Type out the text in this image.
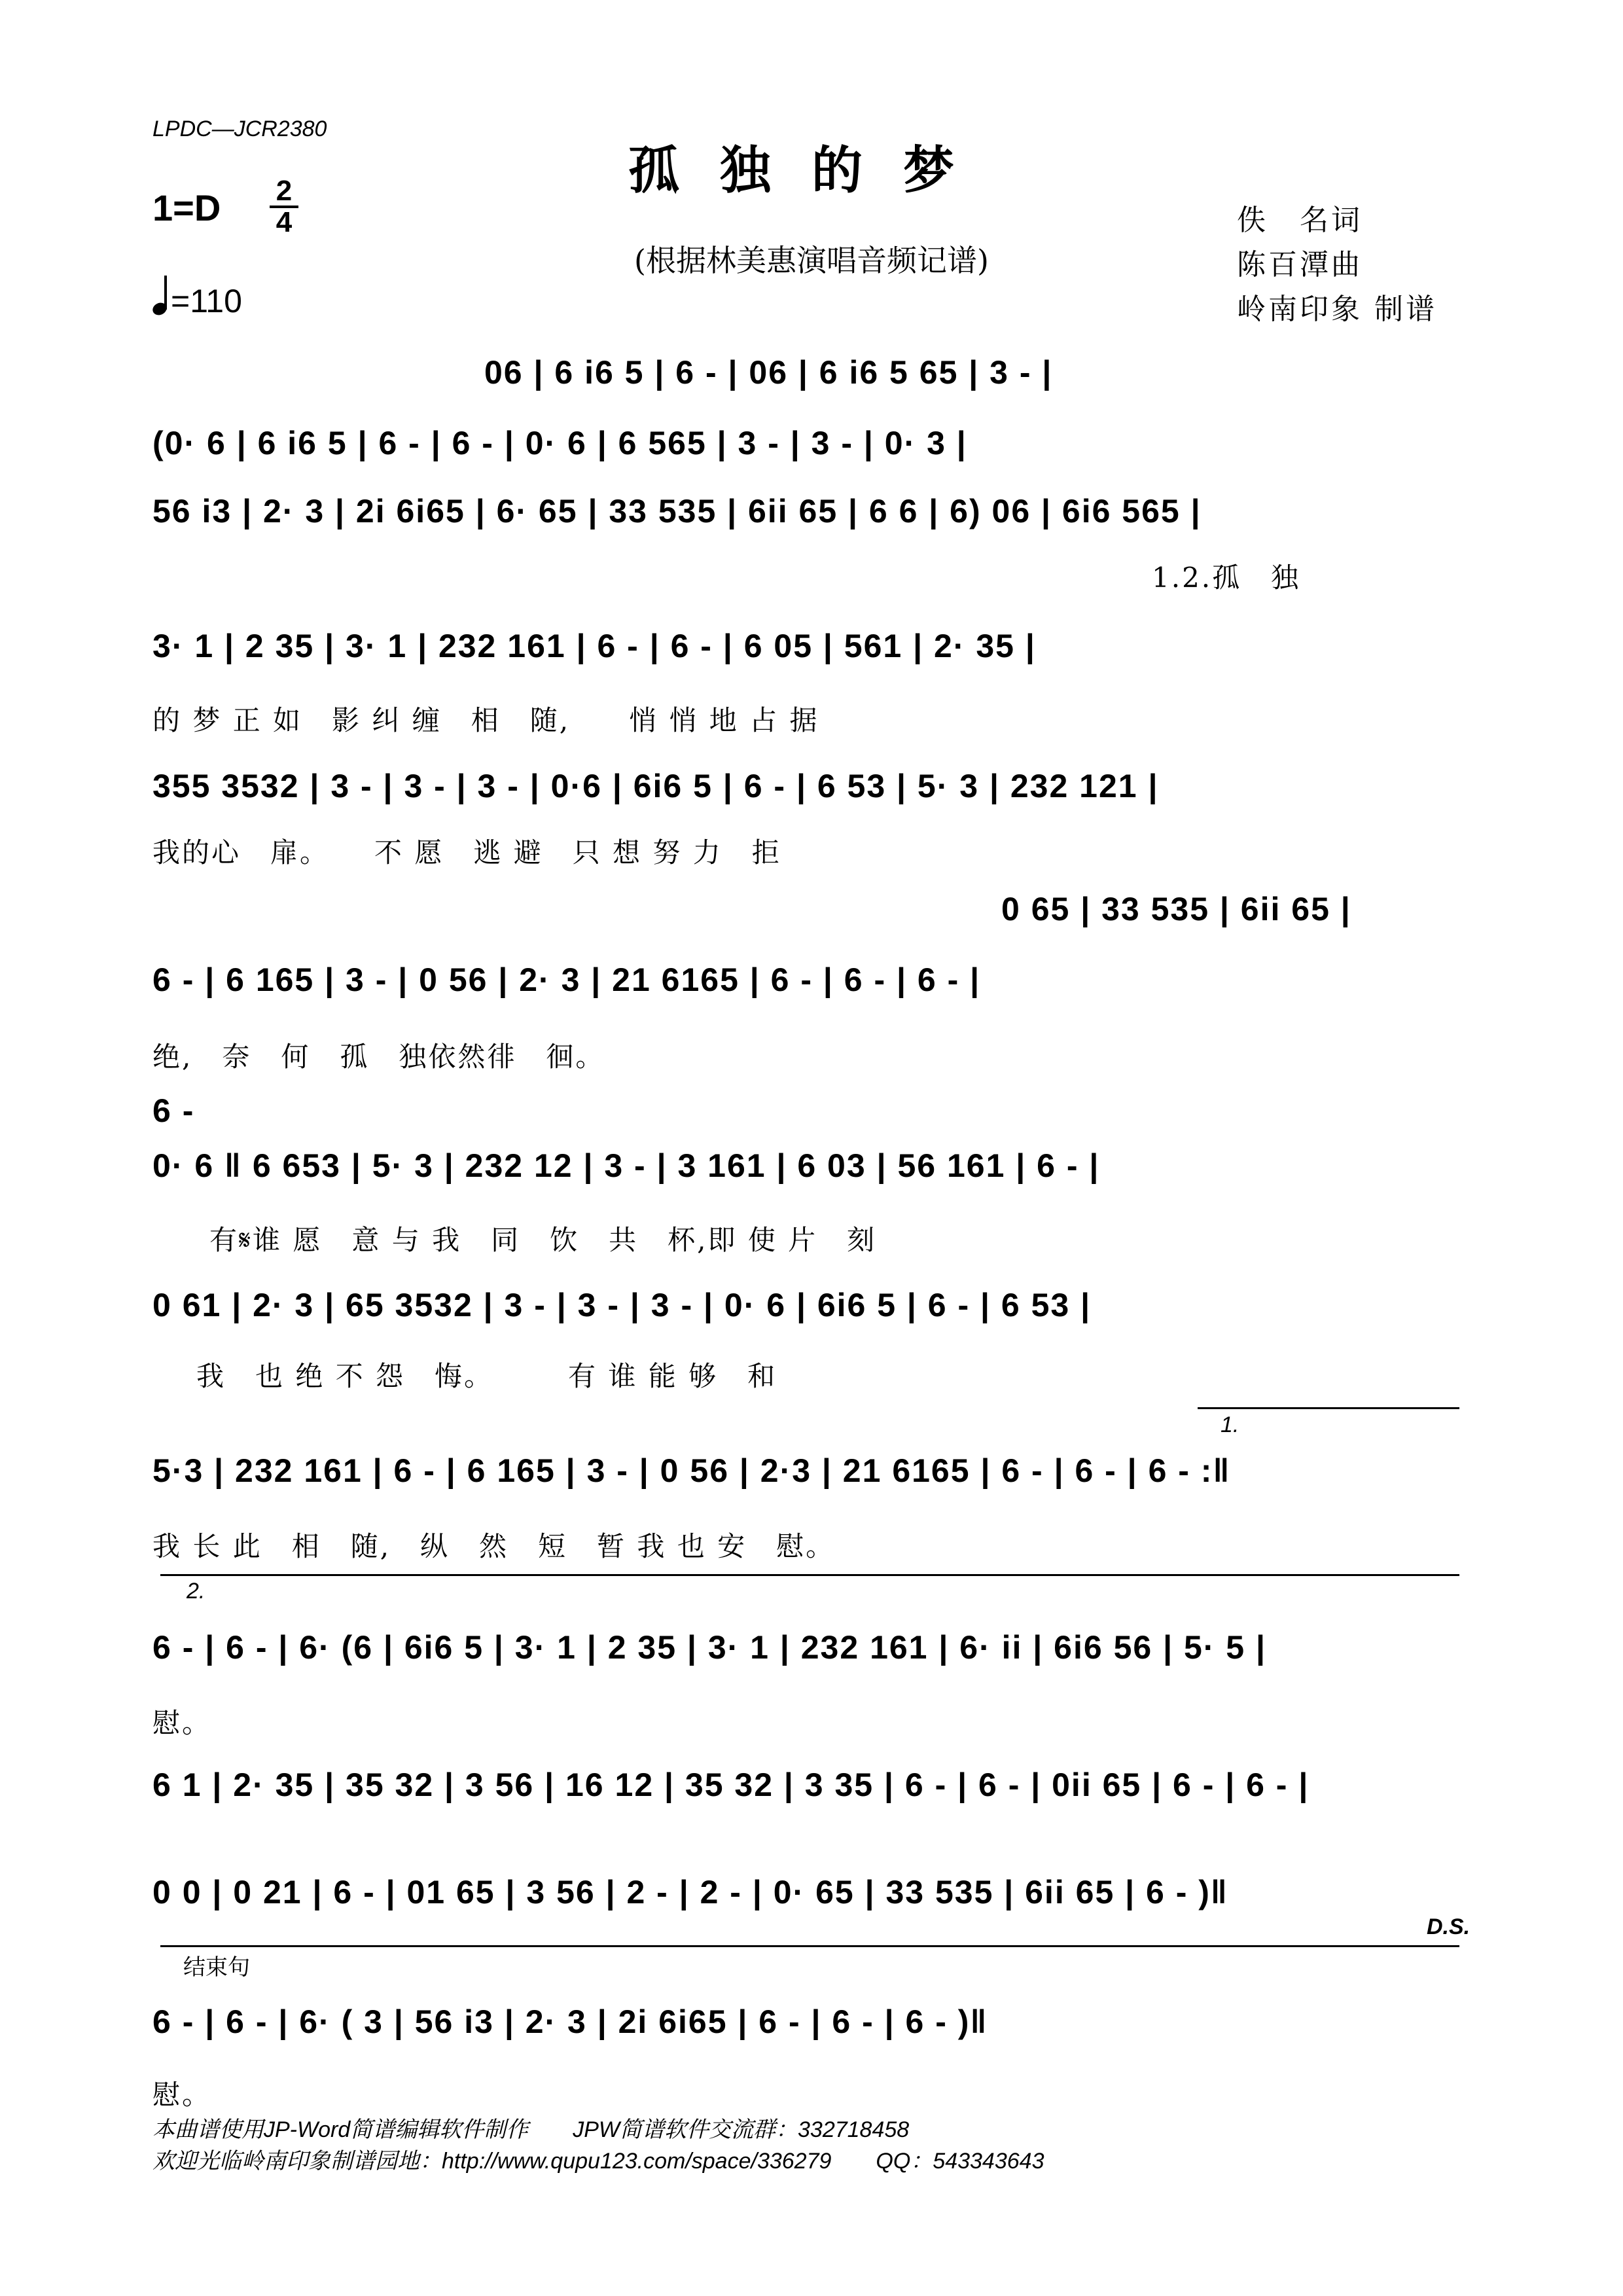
LPDC—JCR2380
孤独的梦
1=D 2
4
(根据林美惠演唱音频记谱)
=110
佚　名词
陈百潭曲
岭南印象 制谱
06 | 6 i6 5 | 6 - | 06 | 6 i6 5 65 | 3 - |
(0· 6 | 6 i6 5 | 6 - | 6 - | 0· 6 | 6 565 | 3 - | 3 - | 0· 3 |
56 i3 | 2· 3 | 2i 6i65 | 6· 65 | 33 535 | 6ii 65 | 6 6 | 6) 06 | 6i6 565 |
1.2.孤　独
3· 1 | 2 35 | 3· 1 | 232 161 | 6 - | 6 - | 6 05 | 561 | 2· 35 |
的 梦 正 如　影 纠 缠　相　随,　　悄 悄 地 占 据
355 3532 | 3 - | 3 - | 3 - | 0·6 | 6i6 5 | 6 - | 6 53 | 5· 3 | 232 121 |
我的心　扉。　　不 愿　逃 避　只 想 努 力　拒
0 65 | 33 535 | 6ii 65 |
6 - | 6 165 | 3 - | 0 56 | 2· 3 | 21 6165 | 6 - | 6 - | 6 - |
绝,　奈　何　孤　独依然徘　徊。
6 -
0· 6 ‖ 6 653 | 5· 3 | 232 12 | 3 - | 3 161 | 6 03 | 56 161 | 6 - |
有𝄋谁 愿　意 与 我　同　饮　共　杯,即 使 片　刻
0 61 | 2· 3 | 65 3532 | 3 - | 3 - | 3 - | 0· 6 | 6i6 5 | 6 - | 6 53 |
我　也 绝 不 怨　悔。　　　有 谁 能 够　和
1.
5·3 | 232 161 | 6 - | 6 165 | 3 - | 0 56 | 2·3 | 21 6165 | 6 - | 6 - | 6 - :‖
我 长 此　相　随,　纵　然　短　暂 我 也 安　慰。
2.
6 - | 6 - | 6· (6 | 6i6 5 | 3· 1 | 2 35 | 3· 1 | 232 161 | 6· ii | 6i6 56 | 5· 5 |
慰。
6 1 | 2· 35 | 35 32 | 3 56 | 16 12 | 35 32 | 3 35 | 6 - | 6 - | 0ii 65 | 6 - | 6 - |
0 0 | 0 21 | 6 - | 01 65 | 3 56 | 2 - | 2 - | 0· 65 | 33 535 | 6ii 65 | 6 - )‖
D.S.
结束句
6 - | 6 - | 6· ( 3 | 56 i3 | 2· 3 | 2i 6i65 | 6 - | 6 - | 6 - )‖
慰。
本曲谱使用JP-Word简谱编辑软件制作　　JPW简谱软件交流群：332718458
欢迎光临岭南印象制谱园地：http://www.qupu123.com/space/336279　　QQ：543343643
